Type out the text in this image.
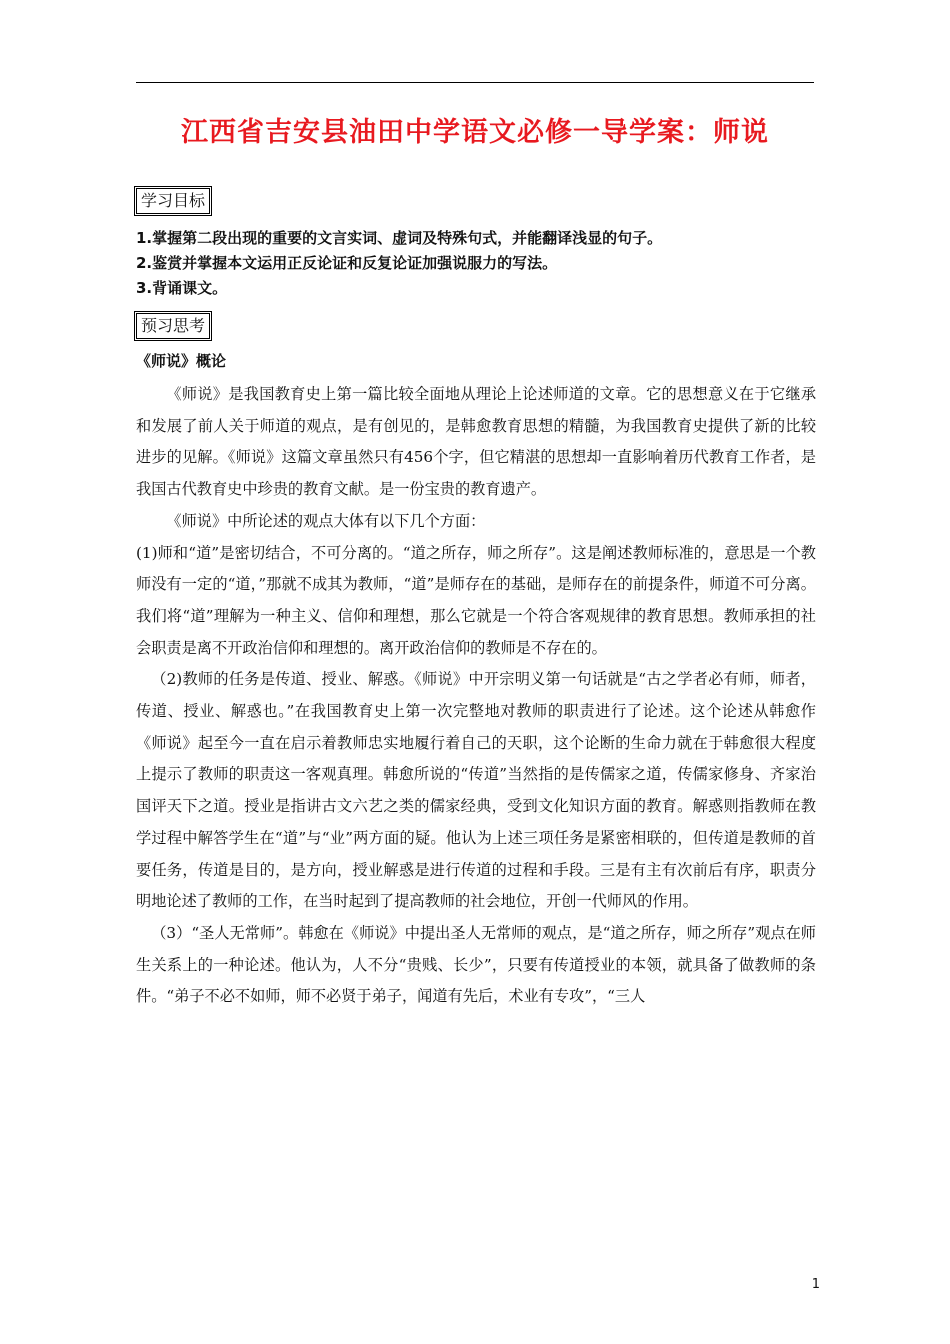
江西省吉安县油田中学语文必修一导学案：师说
学习目标
1.掌握第二段出现的重要的文言实词、虚词及特殊句式，并能翻译浅显的句子。
2.鉴赏并掌握本文运用正反论证和反复论证加强说服力的写法。
3.背诵课文。
预习思考
《师说》概论

《师说》是我国教育史上第一篇比较全面地从理论上论述师道的文章。它的思想意义在于它继承和发展了前人关于师道的观点，是有创见的，是韩愈教育思想的精髓，为我国教育史提供了新的比较进步的见解。《师说》这篇文章虽然只有456个字，但它精湛的思想却一直影响着历代教育工作者，是我国古代教育史中珍贵的教育文献。是一份宝贵的教育遗产。

《师说》中所论述的观点大体有以下几个方面：

(1)师和“道”是密切结合，不可分离的。“道之所存，师之所存”。这是阐述教师标准的，意思是一个教师没有一定的“道，”那就不成其为教师，“道”是师存在的基础，是师存在的前提条件，师道不可分离。我们将“道”理解为一种主义、信仰和理想，那么它就是一个符合客观规律的教育思想。教师承担的社会职责是离不开政治信仰和理想的。离开政治信仰的教师是不存在的。

（2)教师的任务是传道、授业、解惑。《师说》中开宗明义第一句话就是“古之学者必有师，师者，传道、授业、解惑也。”在我国教育史上第一次完整地对教师的职责进行了论述。这个论述从韩愈作《师说》起至今一直在启示着教师忠实地履行着自己的天职，这个论断的生命力就在于韩愈很大程度上提示了教师的职责这一客观真理。韩愈所说的“传道”当然指的是传儒家之道，传儒家修身、齐家治国评天下之道。授业是指讲古文六艺之类的儒家经典，受到文化知识方面的教育。解惑则指教师在教学过程中解答学生在“道”与“业”两方面的疑。他认为上述三项任务是紧密相联的，但传道是教师的首要任务，传道是目的，是方向，授业解惑是进行传道的过程和手段。三是有主有次前后有序，职责分明地论述了教师的工作，在当时起到了提高教师的社会地位，开创一代师风的作用。

（3）“圣人无常师”。韩愈在《师说》中提出圣人无常师的观点，是“道之所存，师之所存”观点在师生关系上的一种论述。他认为，人不分“贵贱、长少”，只要有传道授业的本领，就具备了做教师的条件。“弟子不必不如师，师不必贤于弟子，闻道有先后，术业有专攻”，“三人

1
